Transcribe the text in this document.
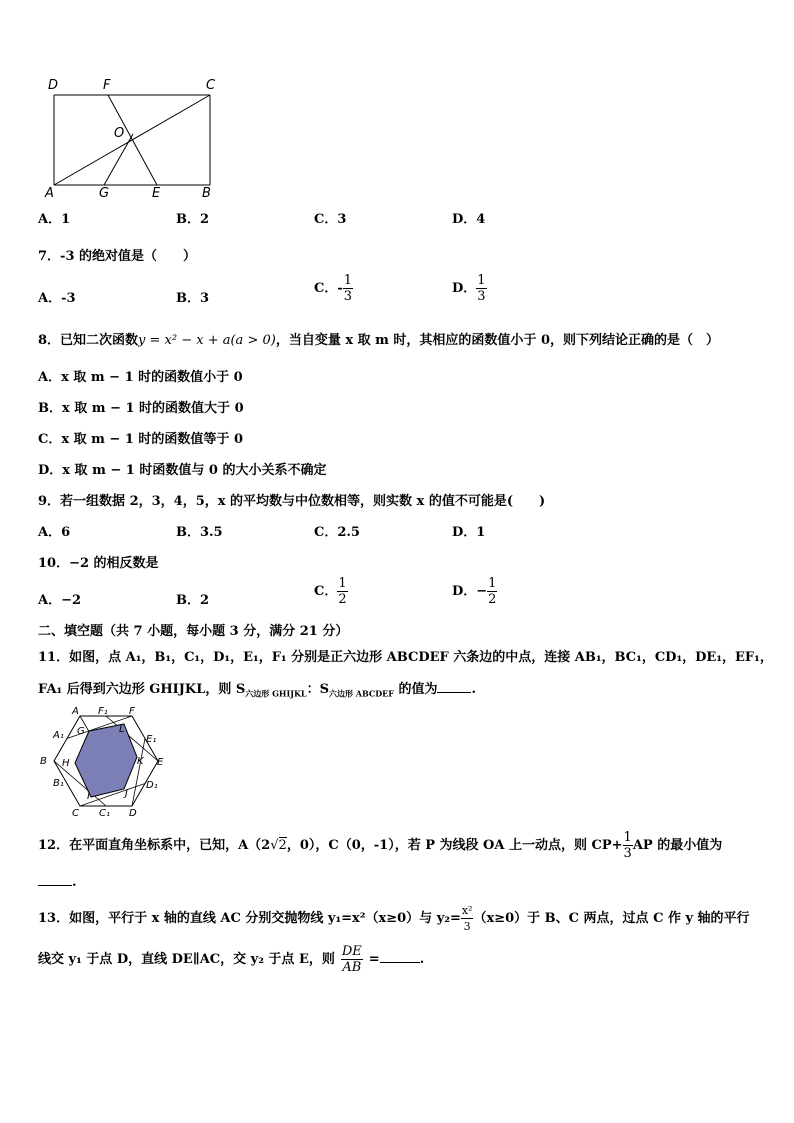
D	F	C
O
A	G	E	B
A．1	B．2	C．3	D．4
7．-3 的绝对值是（　　）
A．-3	B．3
C．- $\frac{1}{3}$	D． $\frac{1}{3}$
8．已知二次函数y = x² − x + a(a > 0)，当自变量 x 取 m 时，其相应的函数值小于 0，则下列结论正确的是（　）
A．x 取 m − 1 时的函数值小于 0
B．x 取 m − 1 时的函数值大于 0
C．x 取 m − 1 时的函数值等于 0
D．x 取 m − 1 时函数值与 0 的大小关系不确定
9．若一组数据 2，3，4，5，x 的平均数与中位数相等，则实数 x 的值不可能是(　　)
A．6	B．3.5	C．2.5	D．1
10．−2 的相反数是
A．−2	B．2
C． $\frac{1}{2}$	D．− $\frac{1}{2}$
二、填空题（共 7 小题，每小题 3 分，满分 21 分）
11．如图，点 A₁，B₁，C₁，D₁，E₁，F₁ 分别是正六边形 ABCDEF 六条边的中点，连接 AB₁，BC₁，CD₁，DE₁，EF₁，
FA₁ 后得到六边形 GHIJKL，则 $S_{六边形 GHIJKL}$：$S_{六边形 ABCDEF}$ 的值为	.
A F₁ F
A₁ G	L
E₁
B H	K E
B₁
I	J
D₁
C C₁ D
12．在平面直角坐标系中，已知，A（2√2，0），C（0，-1），若 P 为线段 OA 上一动点，则 $CP+ \frac{1}{3}$ AP 的最小值为
.
13．如图，平行于 x 轴的直线 AC 分别交抛物线 y₁=x²（x≥0）与 $y_2= \frac{\text{x²}}{3} (x\ge 0)$于 B、C 两点，过点 C 作 y 轴的平行
线交 y₁ 于点 D，直线 DE∥AC，交 y₂ 于点 E，则 $\frac{DE}{AB}$ =	.
